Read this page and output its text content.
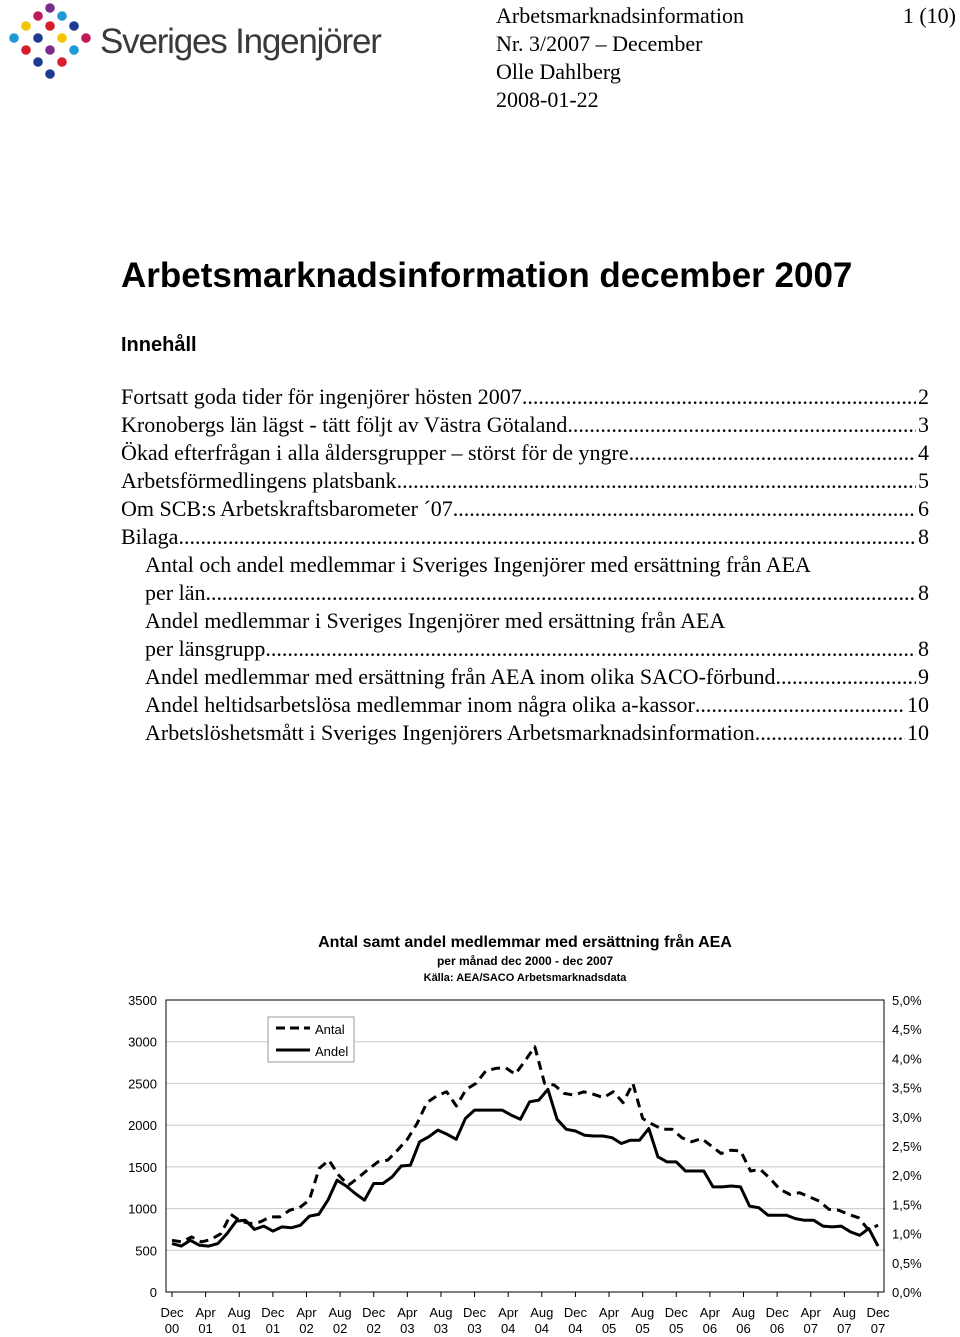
Sveriges Ingenjörer
Arbetsmarknadsinformation
Nr. 3/2007 – December
Olle Dahlberg
2008-01-22
1 (10)
Arbetsmarknadsinformation december 2007
Innehåll
Fortsatt goda tider för ingenjörer hösten 2007 .....	2
Kronobergs län lägst - tätt följt av Västra Götaland .....	3
Ökad efterfrågan i alla åldersgrupper – störst för de yngre .....	4
Arbetsförmedlingens platsbank .....	5
Om SCB:s Arbetskraftsbarometer ´07 .....	6
Bilaga .....	8
Antal och andel medlemmar i Sveriges Ingenjörer med ersättning från AEA
per län .....	8
Andel medlemmar i Sveriges Ingenjörer med ersättning från AEA
per länsgrupp .....	8
Andel medlemmar med ersättning från AEA inom olika SACO-förbund .....	9
Andel heltidsarbetslösa medlemmar inom några olika a-kassor .....	10
Arbetslöshetsmått i Sveriges Ingenjörers Arbetsmarknadsinformation .....	10
Antal samt andel medlemmar med ersättning från AEA
per månad dec 2000 - dec 2007
Källa: AEA/SACO Arbetsmarknadsdata
0
500
1000
1500
2000
2500
3000
3500
0,0%
0,5%
1,0%
1,5%
2,0%
2,5%
3,0%
3,5%
4,0%
4,5%
5,0%
Dec
00
Apr
01
Aug
01
Dec
01
Apr
02
Aug
02
Dec
02
Apr
03
Aug
03
Dec
03
Apr
04
Aug
04
Dec
04
Apr
05
Aug
05
Dec
05
Apr
06
Aug
06
Dec
06
Apr
07
Aug
07
Dec
07
Antal
Andel
